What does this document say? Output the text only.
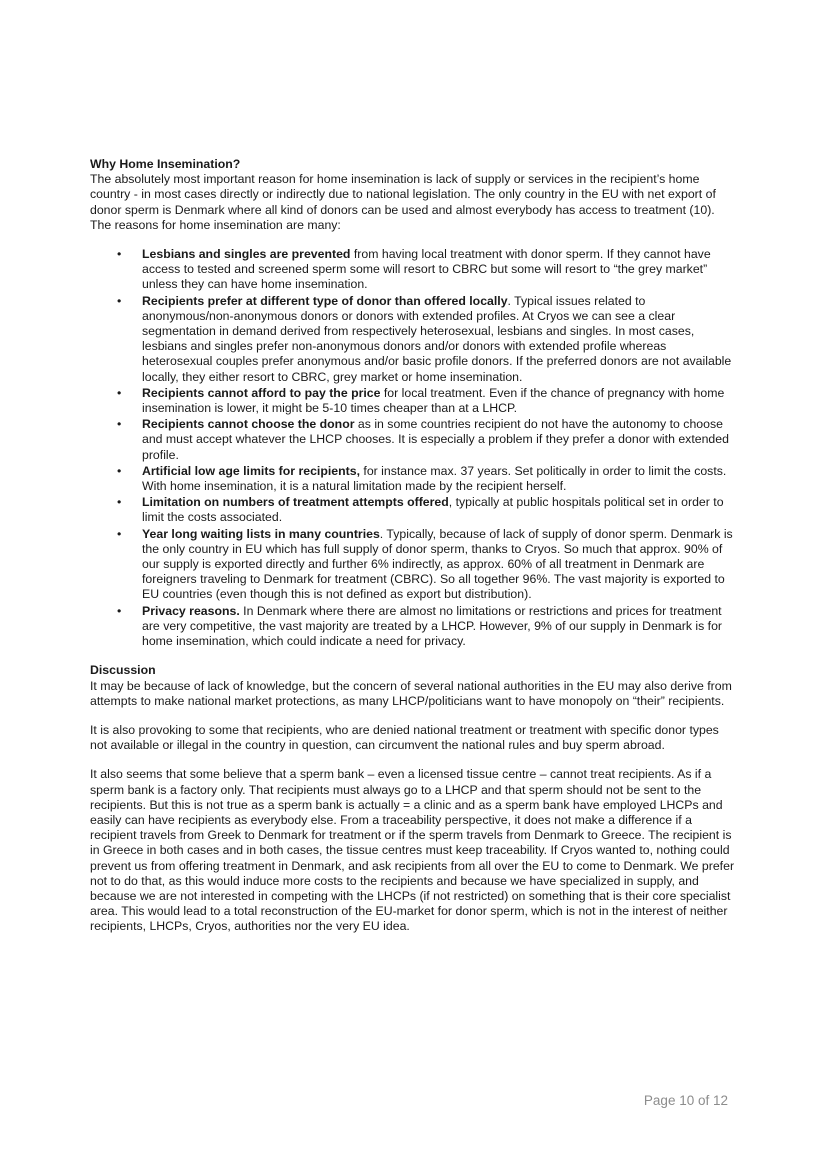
Why Home Insemination?

The absolutely most important reason for home insemination is lack of supply or services in the recipient’s home country - in most cases directly or indirectly due to national legislation. The only country in the EU with net export of donor sperm is Denmark where all kind of donors can be used and almost everybody has access to treatment (10). The reasons for home insemination are many:

• Lesbians and singles are prevented from having local treatment with donor sperm. If they cannot have access to tested and screened sperm some will resort to CBRC but some will resort to “the grey market” unless they can have home insemination.
• Recipients prefer at different type of donor than offered locally. Typical issues related to anonymous/non-anonymous donors or donors with extended profiles. At Cryos we can see a clear segmentation in demand derived from respectively heterosexual, lesbians and singles. In most cases, lesbians and singles prefer non-anonymous donors and/or donors with extended profile whereas heterosexual couples prefer anonymous and/or basic profile donors. If the preferred donors are not available locally, they either resort to CBRC, grey market or home insemination.
• Recipients cannot afford to pay the price for local treatment. Even if the chance of pregnancy with home insemination is lower, it might be 5-10 times cheaper than at a LHCP.
• Recipients cannot choose the donor as in some countries recipient do not have the autonomy to choose and must accept whatever the LHCP chooses. It is especially a problem if they prefer a donor with extended profile.
• Artificial low age limits for recipients, for instance max. 37 years. Set politically in order to limit the costs. With home insemination, it is a natural limitation made by the recipient herself.
• Limitation on numbers of treatment attempts offered, typically at public hospitals political set in order to limit the costs associated.
• Year long waiting lists in many countries. Typically, because of lack of supply of donor sperm. Denmark is the only country in EU which has full supply of donor sperm, thanks to Cryos. So much that approx. 90% of our supply is exported directly and further 6% indirectly, as approx. 60% of all treatment in Denmark are foreigners traveling to Denmark for treatment (CBRC). So all together 96%. The vast majority is exported to EU countries (even though this is not defined as export but distribution).
• Privacy reasons. In Denmark where there are almost no limitations or restrictions and prices for treatment are very competitive, the vast majority are treated by a LHCP. However, 9% of our supply in Denmark is for home insemination, which could indicate a need for privacy.
Discussion

It may be because of lack of knowledge, but the concern of several national authorities in the EU may also derive from attempts to make national market protections, as many LHCP/politicians want to have monopoly on “their” recipients.

It is also provoking to some that recipients, who are denied national treatment or treatment with specific donor types not available or illegal in the country in question, can circumvent the national rules and buy sperm abroad.

It also seems that some believe that a sperm bank – even a licensed tissue centre – cannot treat recipients. As if a sperm bank is a factory only. That recipients must always go to a LHCP and that sperm should not be sent to the recipients. But this is not true as a sperm bank is actually = a clinic and as a sperm bank have employed LHCPs and easily can have recipients as everybody else. From a traceability perspective, it does not make a difference if a recipient travels from Greek to Denmark for treatment or if the sperm travels from Denmark to Greece. The recipient is in Greece in both cases and in both cases, the tissue centres must keep traceability. If Cryos wanted to, nothing could prevent us from offering treatment in Denmark, and ask recipients from all over the EU to come to Denmark. We prefer not to do that, as this would induce more costs to the recipients and because we have specialized in supply, and because we are not interested in competing with the LHCPs (if not restricted) on something that is their core specialist area. This would lead to a total reconstruction of the EU-market for donor sperm, which is not in the interest of neither recipients, LHCPs, Cryos, authorities nor the very EU idea.

Page 10 of 12
